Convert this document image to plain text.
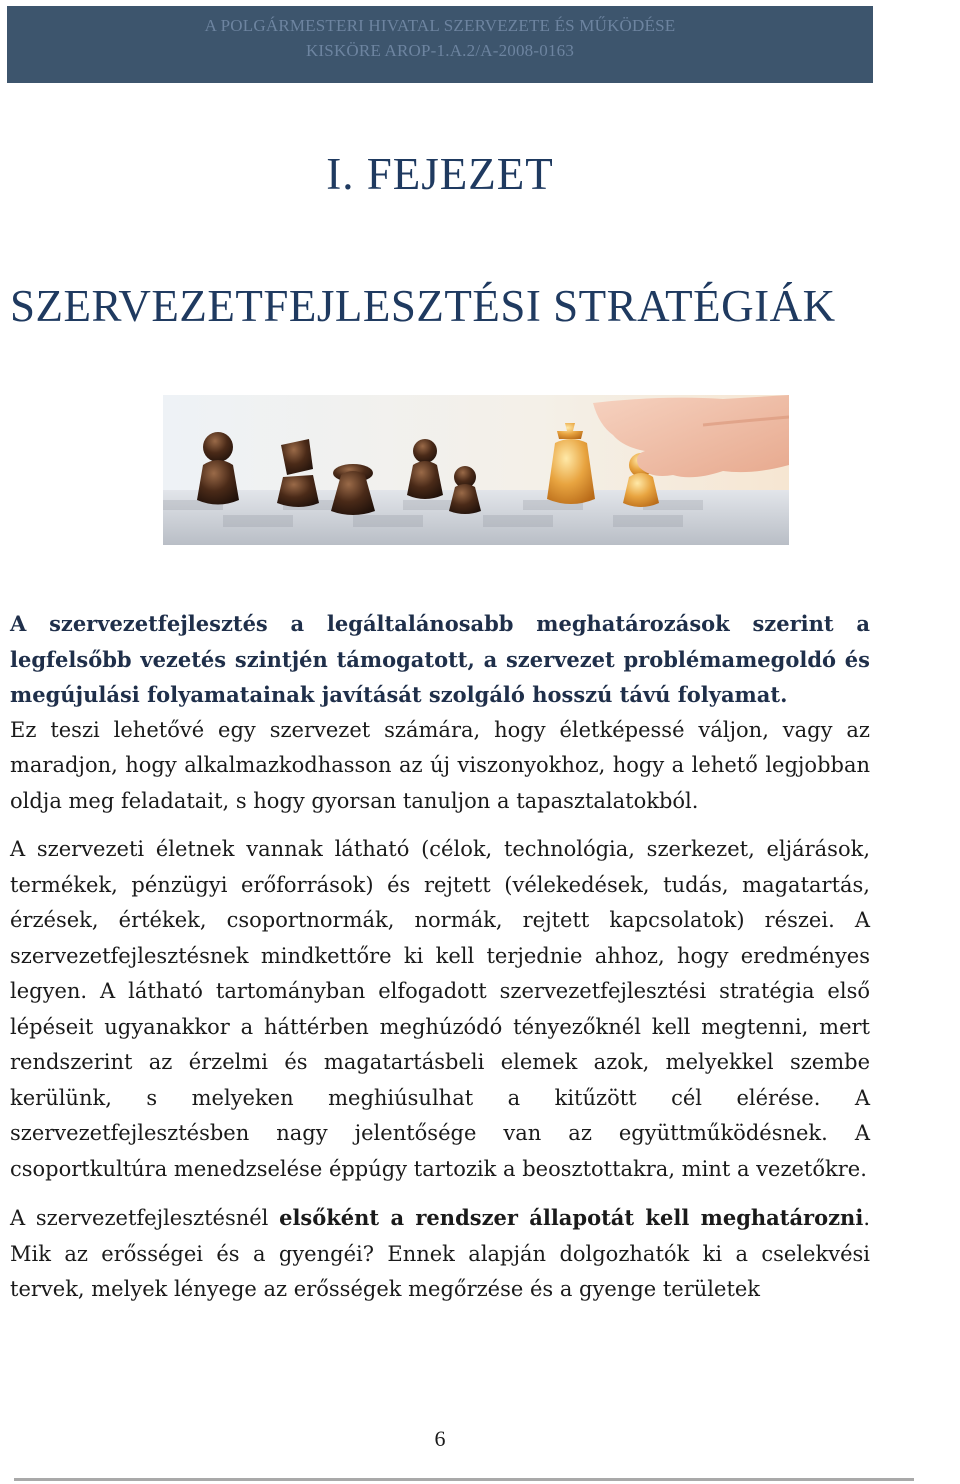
A POLGÁRMESTERI HIVATAL SZERVEZETE ÉS MŰKÖDÉSE
KISKÖRE AROP-1.A.2/A-2008-0163
I. FEJEZET
SZERVEZETFEJLESZTÉSI STRATÉGIÁK

A szervezetfejlesztés a legáltalánosabb meghatározások szerint a legfelsőbb vezetés szintjén támogatott, a szervezet problémamegoldó és megújulási folyamatainak javítását szolgáló hosszú távú folyamat.

Ez teszi lehetővé egy szervezet számára, hogy életképessé váljon, vagy az maradjon, hogy alkalmazkodhasson az új viszonyokhoz, hogy a lehető legjobban oldja meg feladatait, s hogy gyorsan tanuljon a tapasztalatokból.

A szervezeti életnek vannak látható (célok, technológia, szerkezet, eljárások, termékek, pénzügyi erőforrások) és rejtett (vélekedések, tudás, magatartás, érzések, értékek, csoportnormák, normák, rejtett kapcsolatok) részei. A szervezetfejlesztésnek mindkettőre ki kell terjednie ahhoz, hogy eredményes legyen. A látható tartományban elfogadott szervezetfejlesztési stratégia első lépéseit ugyanakkor a háttérben meghúzódó tényezőknél kell megtenni, mert rendszerint az érzelmi és magatartásbeli elemek azok, melyekkel szembe kerülünk, s melyeken meghiúsulhat a kitűzött cél elérése. A szervezetfejlesztésben nagy jelentősége van az együttműködésnek. A csoportkultúra menedzselése éppúgy tartozik a beosztottakra, mint a vezetőkre.

A szervezetfejlesztésnél elsőként a rendszer állapotát kell meghatározni. Mik az erősségei és a gyengéi? Ennek alapján dolgozhatók ki a cselekvési tervek, melyek lényege az erősségek megőrzése és a gyenge területek

6
